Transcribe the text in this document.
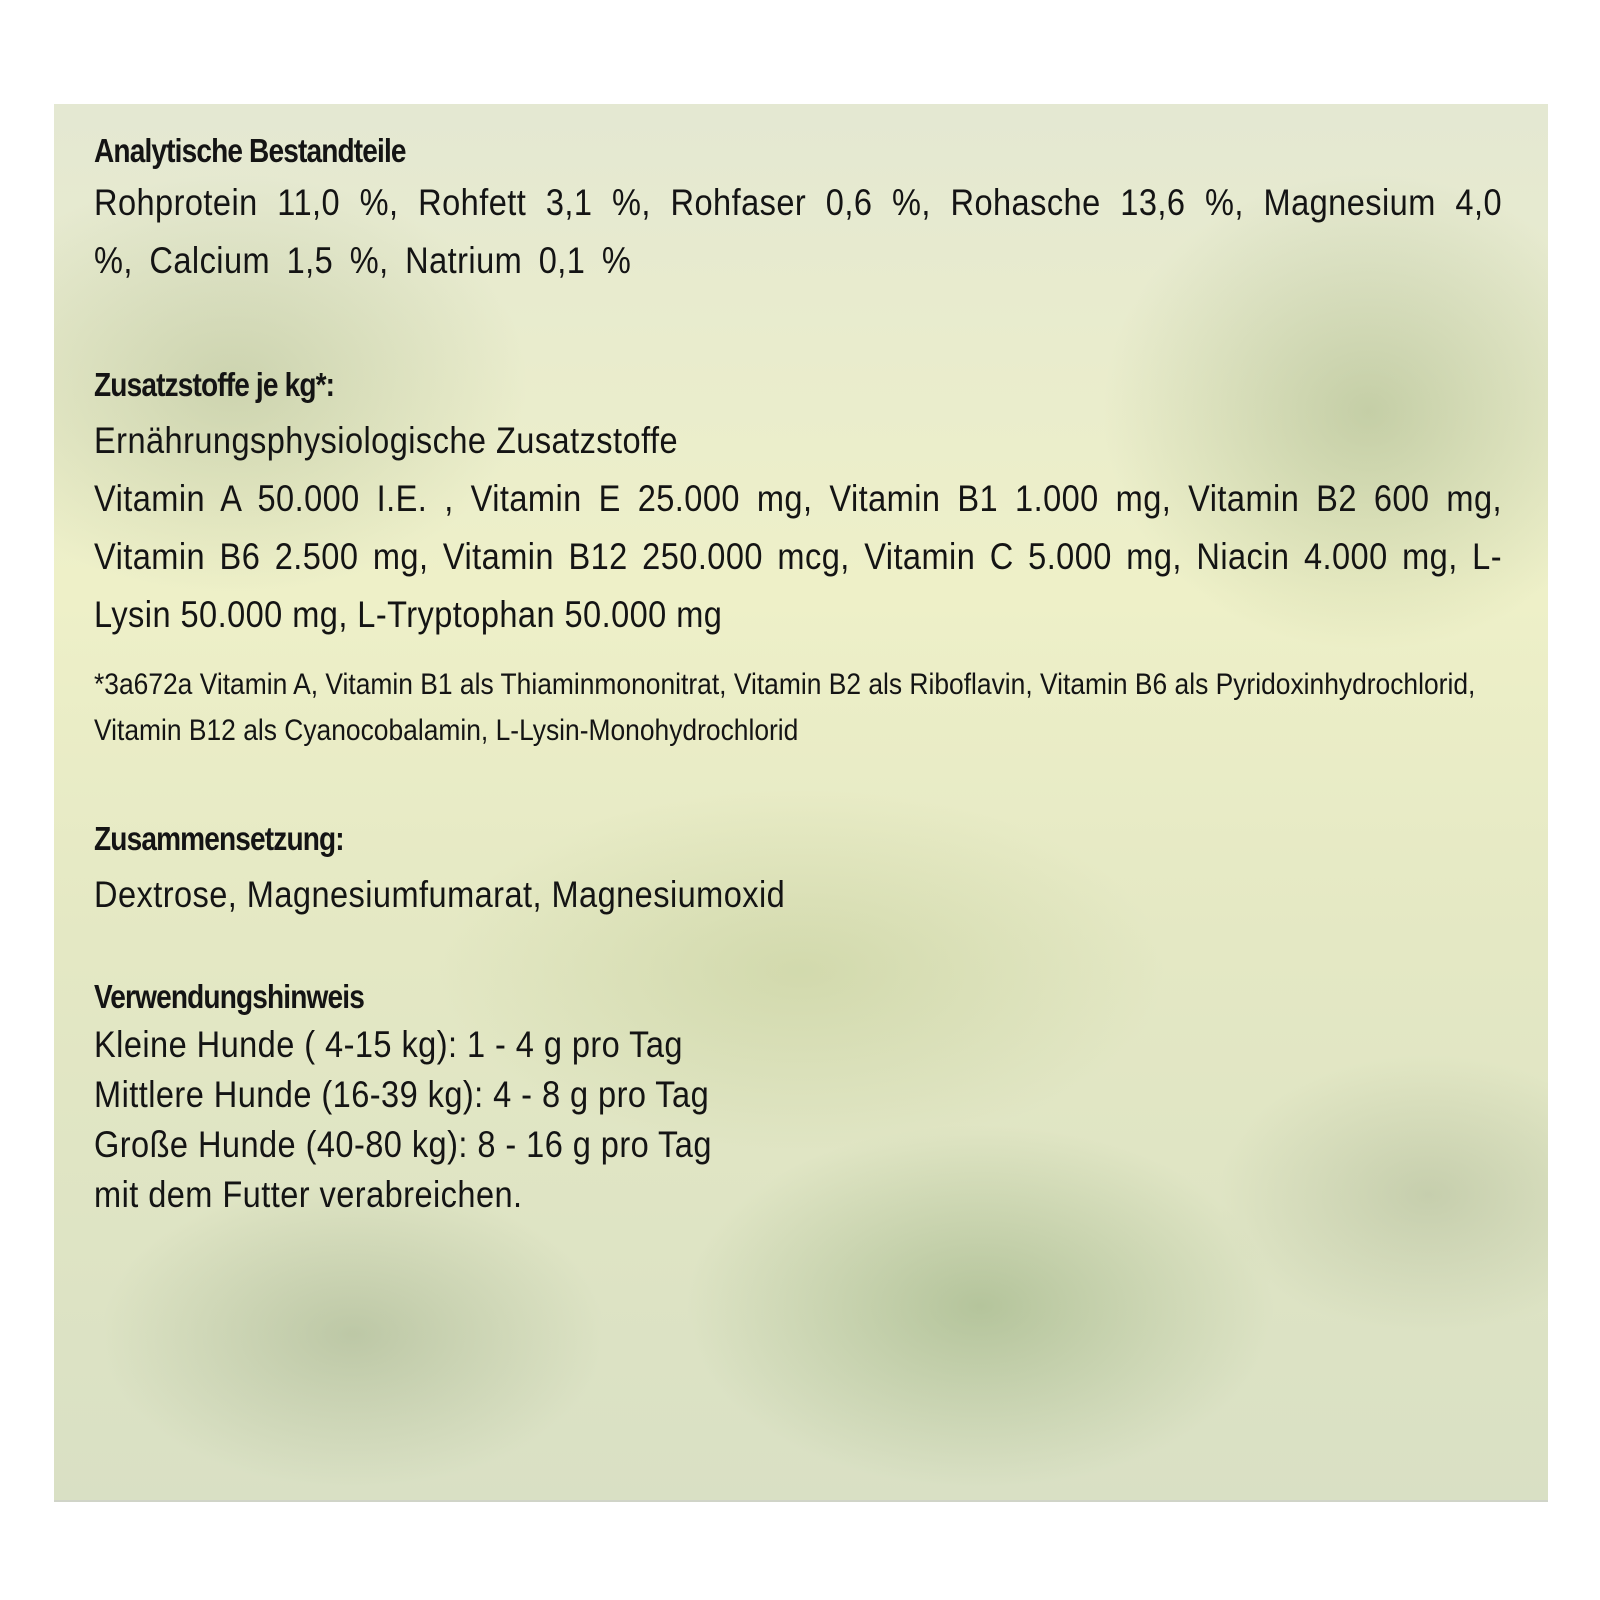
Analytische Bestandteile

Rohprotein 11,0 %, Rohfett 3,1 %, Rohfaser 0,6 %, Rohasche 13,6 %, Magnesium 4,0 %, Calcium 1,5 %, Natrium 0,1 %

Zusatzstoffe je kg*:

Ernährungsphysiologische Zusatzstoffe

Vitamin A 50.000 I.E. , Vitamin E 25.000 mg, Vitamin B1 1.000 mg, Vitamin B2 600 mg, Vitamin B6 2.500 mg, Vitamin B12 250.000 mcg, Vitamin C 5.000 mg, Niacin 4.000 mg, L-Lysin 50.000 mg, L-Tryptophan 50.000 mg

*3a672a Vitamin A, Vitamin B1 als Thiaminmononitrat, Vitamin B2 als Riboflavin, Vitamin B6 als Pyridoxinhydrochlorid, Vitamin B12 als Cyanocobalamin, L-Lysin-Monohydrochlorid

Zusammensetzung:

Dextrose, Magnesiumfumarat, Magnesiumoxid

Verwendungshinweis
Kleine Hunde ( 4-15 kg): 1 - 4 g pro Tag
Mittlere Hunde (16-39 kg): 4 - 8 g pro Tag
Große Hunde (40-80 kg): 8 - 16 g pro Tag
mit dem Futter verabreichen.
